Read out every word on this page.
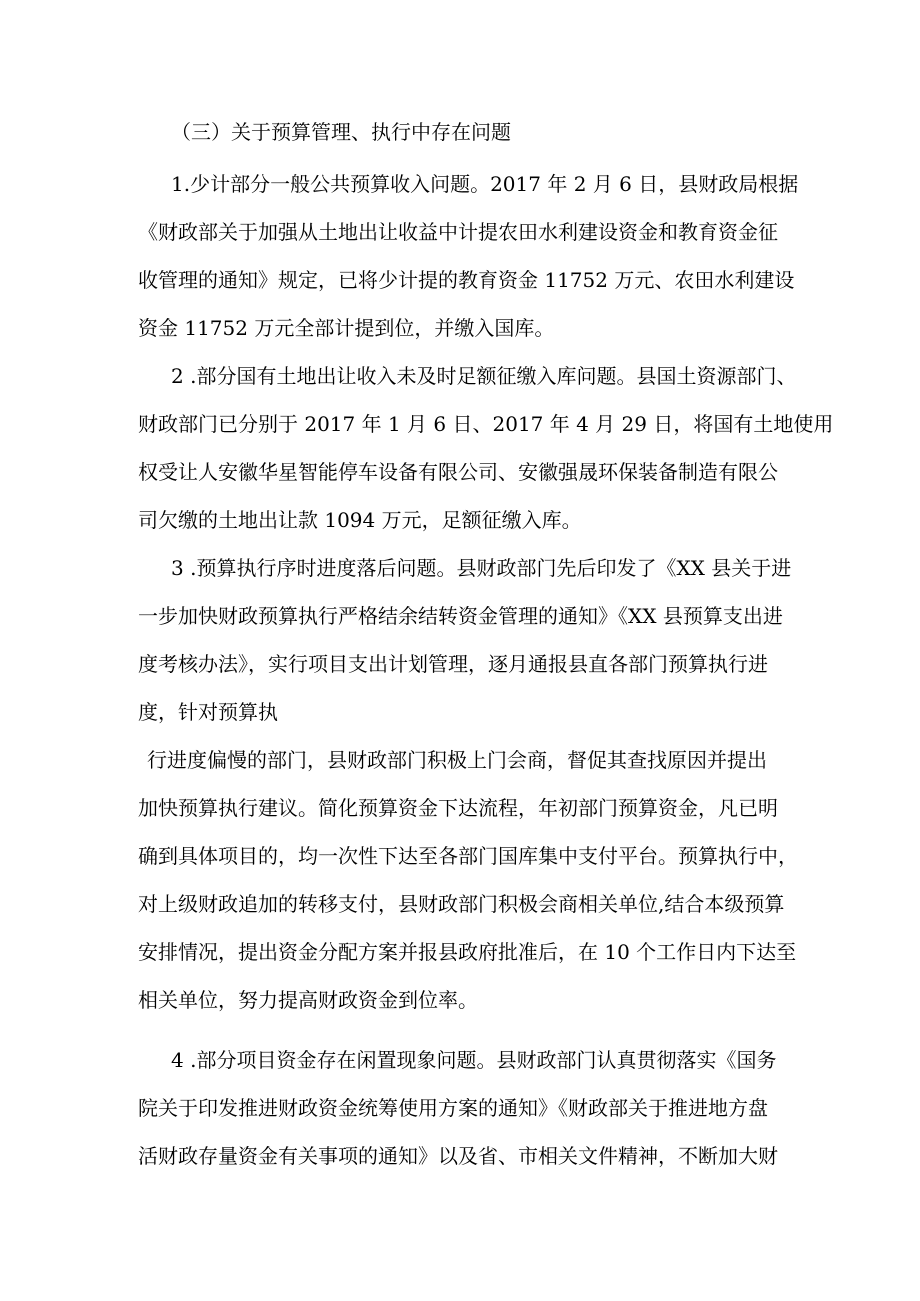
（三）关于预算管理、执行中存在问题
1.少计部分一般公共预算收入问题。2017 年 2 月 6 日，县财政局根据
《财政部关于加强从土地出让收益中计提农田水利建设资金和教育资金征
收管理的通知》规定，已将少计提的教育资金 11752 万元、农田水利建设
资金 11752 万元全部计提到位，并缴入国库。
2 .部分国有土地出让收入未及时足额征缴入库问题。县国土资源部门、
财政部门已分别于 2017 年 1 月 6 日、2017 年 4 月 29 日，将国有土地使用
权受让人安徽华星智能停车设备有限公司、安徽强晟环保装备制造有限公
司欠缴的土地出让款 1094 万元，足额征缴入库。
3 .预算执行序时进度落后问题。县财政部门先后印发了《XX 县关于进
一步加快财政预算执行严格结余结转资金管理的通知》《XX 县预算支出进
度考核办法》，实行项目支出计划管理，逐月通报县直各部门预算执行进
度，针对预算执
行进度偏慢的部门，县财政部门积极上门会商，督促其查找原因并提出
加快预算执行建议。简化预算资金下达流程，年初部门预算资金，凡已明
确到具体项目的，均一次性下达至各部门国库集中支付平台。预算执行中，
对上级财政追加的转移支付，县财政部门积极会商相关单位,结合本级预算
安排情况，提出资金分配方案并报县政府批准后，在 10 个工作日内下达至
相关单位，努力提高财政资金到位率。
4 .部分项目资金存在闲置现象问题。县财政部门认真贯彻落实《国务
院关于印发推进财政资金统筹使用方案的通知》《财政部关于推进地方盘
活财政存量资金有关事项的通知》以及省、市相关文件精神，不断加大财
